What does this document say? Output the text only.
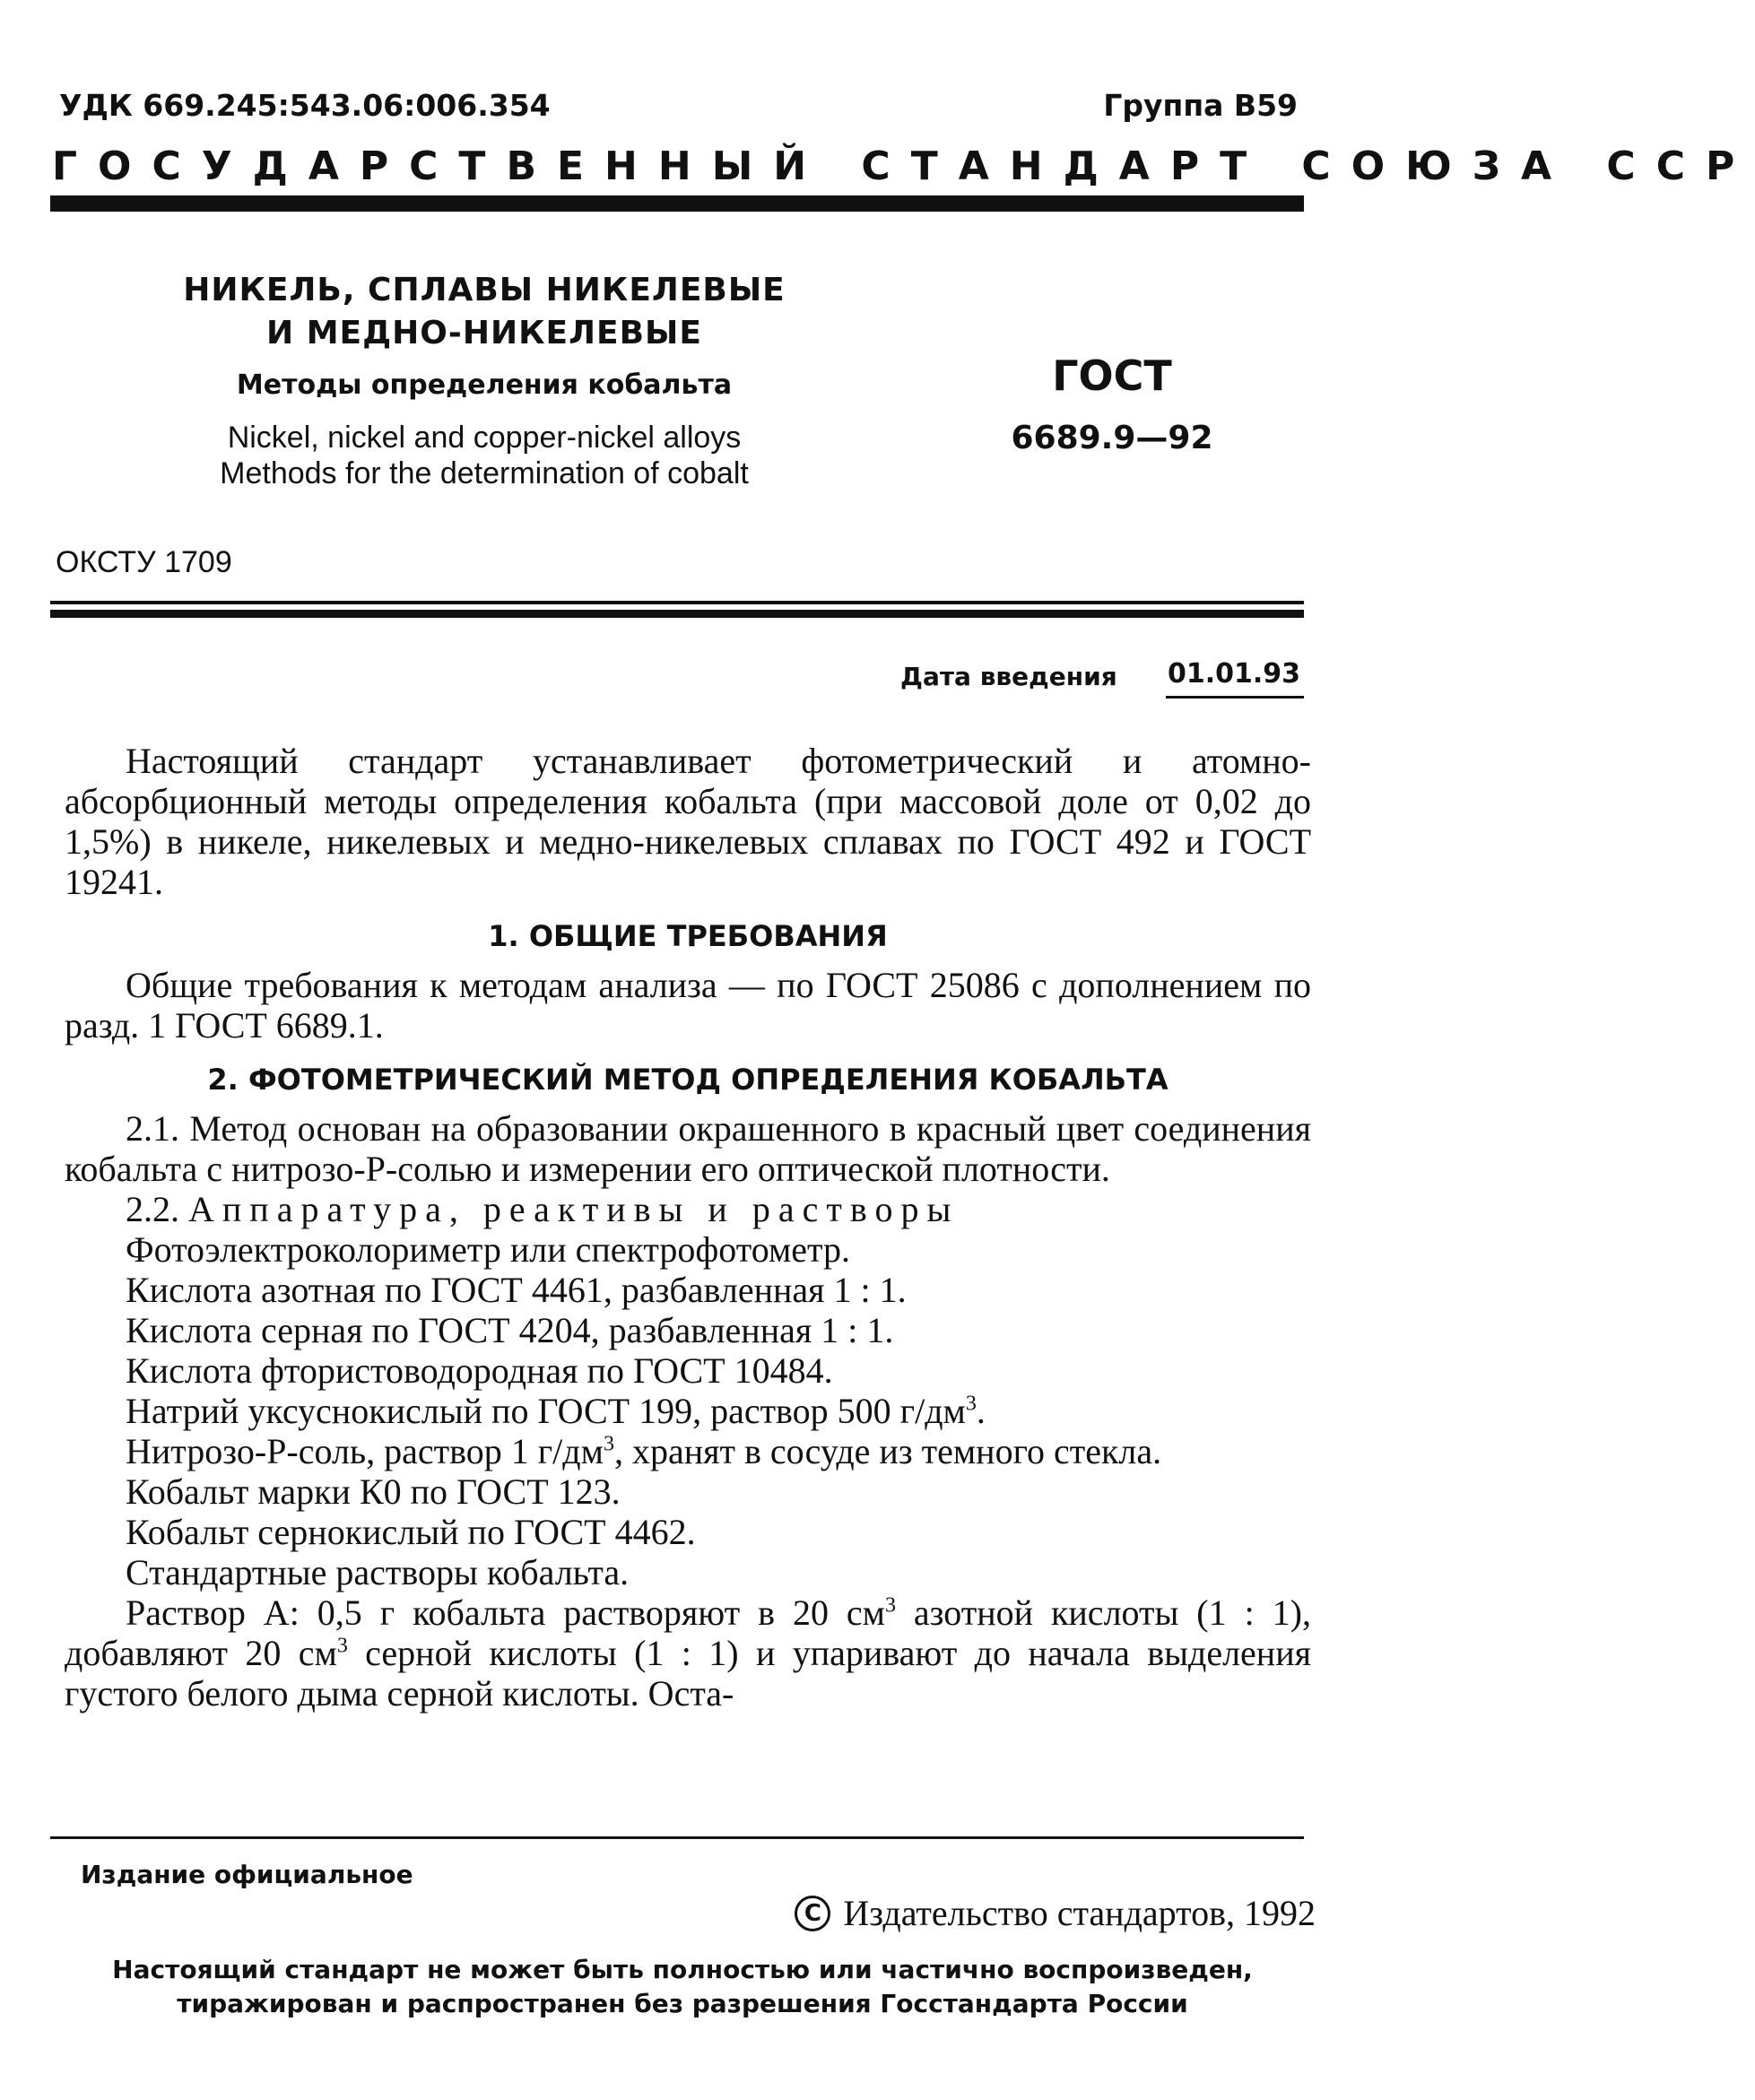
УДК 669.245:543.06:006.354	Группа В59
ГОСУДАРСТВЕННЫЙ СТАНДАРТ СОЮЗА ССР
НИКЕЛЬ, СПЛАВЫ НИКЕЛЕВЫЕ
И МЕДНО-НИКЕЛЕВЫЕ
Методы определения кобальта
Nickel, nickel and copper-nickel alloys
Methods for the determination of cobalt
ГОСТ
6689.9—92
ОКСТУ 1709
Дата введения 01.01.93

Настоящий стандарт устанавливает фотометрический и атомно-абсорбционный методы определения кобальта (при массовой доле от 0,02 до 1,5%) в никеле, никелевых и медно-никелевых сплавах по ГОСТ 492 и ГОСТ 19241.

1. ОБЩИЕ ТРЕБОВАНИЯ

Общие требования к методам анализа — по ГОСТ 25086 с дополнением по разд. 1 ГОСТ 6689.1.

2. ФОТОМЕТРИЧЕСКИЙ МЕТОД ОПРЕДЕЛЕНИЯ КОБАЛЬТА

2.1. Метод основан на образовании окрашенного в красный цвет соединения кобальта с нитрозо-Р-солью и измерении его оптической плотности.

2.2. Аппаратура, реактивы и растворы

Фотоэлектроколориметр или спектрофотометр.

Кислота азотная по ГОСТ 4461, разбавленная 1 : 1.

Кислота серная по ГОСТ 4204, разбавленная 1 : 1.

Кислота фтористоводородная по ГОСТ 10484.

Натрий уксуснокислый по ГОСТ 199, раствор 500 $г/дм^3$.

Нитрозо-Р-соль, раствор 1 $г/дм^3$, хранят в сосуде из темного стекла.

Кобальт марки К0 по ГОСТ 123.

Кобальт сернокислый по ГОСТ 4462.

Стандартные растворы кобальта.

Раствор А: 0,5 г кобальта растворяют в 20 $см^3$ азотной кислоты (1 : 1), добавляют 20 $см^3$ серной кислоты (1 : 1) и упаривают до начала выделения густого белого дыма серной кислоты. Оста-

Издание официальное
C Издательство стандартов, 1992
Настоящий стандарт не может быть полностью или частично воспроизведен,
тиражирован и распространен без разрешения Госстандарта России
